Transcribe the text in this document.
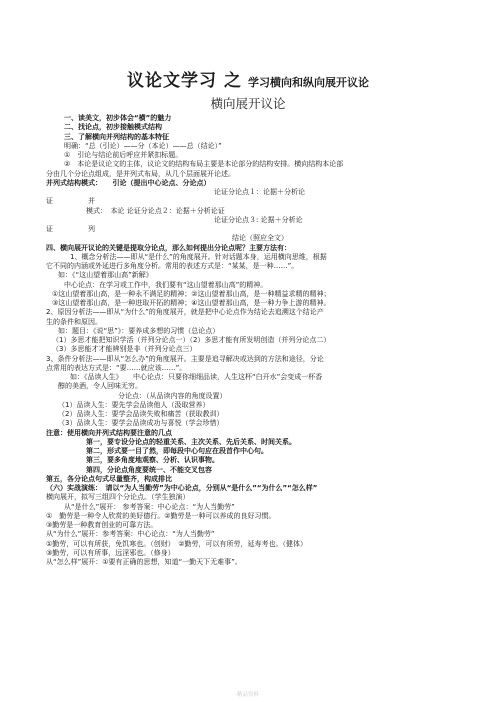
议论文学习 之 学习横向和纵向展开议论
横向展开议论
一、读美文，初步体会“横”的魅力
二、找论点，初步接触模式结构
三、了解横向并列结构的基本特征
明确：“总（引论）——分（本论）——总（结论）”
①　引论与结论前后呼应并紧扣标题。
②　本论是议论文的主体，议论文的结构布局主要是本论部分的结构安排。横向结构本论部
分由几个分论点组成，是并列式布局，从几个层面展开论述。
并列式结构模式：　　引论（提出中心论点、分论点）
论证分论点１：论据＋分析论
证　　　　　并
模式：　本论 论证分论点２：论据＋分析论证
论证分论点３: 论据＋分析论
证　　　　　列
结论（照应全文）
四、横向展开议论的关键是提取分论点，那么如何提出分论点呢？主要方法有：
1、概念分析法——即从“是什么”的角度展开。针对话题本身，运用横向思维，根据
它不同的内涵或外延进行多角度分析。常用的表述方式是：“某某，是一种……”。
如：《“这山望着那山高”新解》
中心论点：在学习或工作中，我们要有“这山望着那山高”的精神。
①这山望着那山高，是一种永不满足的精神；②这山望着那山高，是一种精益求精的精神；
③这山望着那山高，是一种进取开拓的精神；④这山望着那山高，是一种力争上游的精神。
2、原因分析法——即从“为什么”的角度展开，就是把中心论点作为结论去追溯这个结论产
生的条件和原因。
如：题目：《说“思”》：要养成多想的习惯（总论点）
（1）多思才能把知识学活（并列分论点一）（2）多思才能有所发明创造（并列分论点二）
（3）多思能才才能辨别是非（并列分论点三）
3、条件分析法——即从“怎么办”的角度展开。主要是追寻解决或达到的方法和途径，分论
点常用的表达方式是：“要……就应该……”。
如：《品读人生》　　中心论点：只要你细细品读，人生这杯“白开水”会变成一杯香
醇的美酒，令人回味无穷。
分论点：（从品读内容的角度设置）
（1）品读人生：要先学会品读他人（汲取营养）
（2）品读人生：要学会品读失败和痛苦（获取教训）
（3）品读人生：要学会品读成功与喜悦（学会珍惜）
注意：使用横向并列式结构要注意的几点
第一，要专设分论点的轻重关系、主次关系、先后关系、时间关系。
第二，形式要一目了然，即每段中心句应在段首作中心句。
第三，要多角度地观察、分析、认识事物。
第四，分论点角度要统一、不能交叉包容
第五，各分论点句式尽量整齐，构成排比
（六）实战演练：　请以“为人当勤劳”为中心论点，分别从“是什么”“为什么”“怎么样”
横向展开，拟写三组四个分论点。（学生独演）
从“是什么”展开： 参考答案：中心论点：“为人当勤劳”
①　勤劳是一种令人欣赏的美好德行。②勤劳是一种可以养成的良好习惯。
③勤劳是一种教育创业的可靠方法。
从“为什么”展开：参考答案：中心论点：“为人当勤劳”
①勤劳，可以有所获，免饥寒也。（创财）　②勤劳，可以有所劳，延寿考也。（健体）
③勤劳，可以有所事，远淫邪也。（修身）
从“怎么样”展开：①要有正确的思想，知道“一勤天下无难事”。
·精品资料·
